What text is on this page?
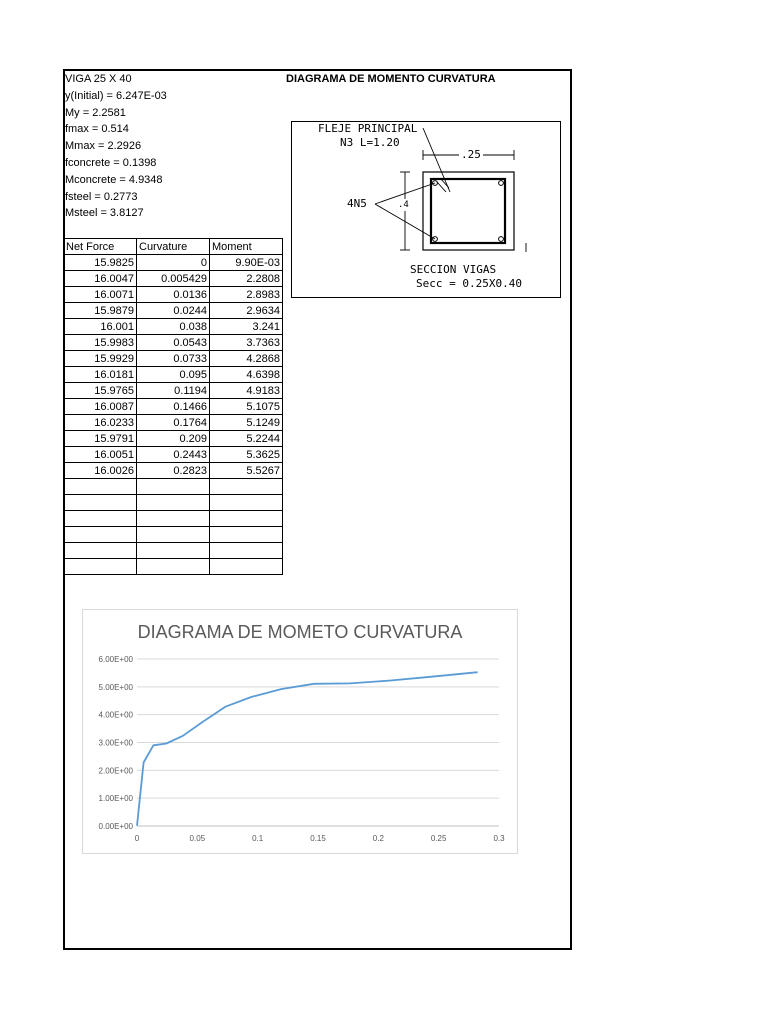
VIGA 25 X 40
y(Initial) = 6.247E-03
My = 2.2581
fmax = 0.514
Mmax = 2.2926
fconcrete = 0.1398
Mconcrete = 4.9348
fsteel = 0.2773
Msteel = 3.8127
DIAGRAMA DE MOMENTO CURVATURA
Net Force	Curvature	Moment
15.9825	0	9.90E-03
16.0047	0.005429	2.2808
16.0071	0.0136	2.8983
15.9879	0.0244	2.9634
16.001	0.038	3.241
15.9983	0.0543	3.7363
15.9929	0.0733	4.2868
16.0181	0.095	4.6398
15.9765	0.1194	4.9183
16.0087	0.1466	5.1075
16.0233	0.1764	5.1249
15.9791	0.209	5.2244
16.0051	0.2443	5.3625
16.0026	0.2823	5.5267

FLEJE PRINCIPAL
N3 L=1.20
.25
4N5	.4
SECCION VIGAS
Secc = 0.25X0.40
DIAGRAMA DE MOMETO CURVATURA
0.00E+00
1.00E+00
2.00E+00
3.00E+00
4.00E+00
5.00E+00
6.00E+00
0	0.05	0.1	0.15	0.2	0.25	0.3
